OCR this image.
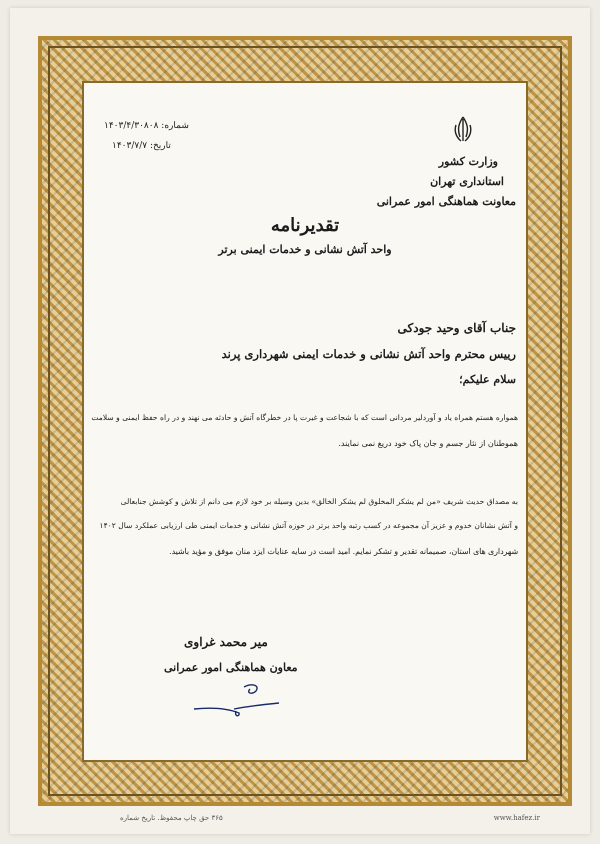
وزارت کشور
استانداری تهران
معاونت هماهنگی امور عمرانی
شماره: ۱۴۰۳/۴/۳۰۸۰۸
تاریخ: ۱۴۰۳/۷/۷
تقدیرنامه
واحد آتش نشانی و خدمات ایمنی برتر
جناب آقای وحید جودکی
رییس محترم واحد آتش نشانی و خدمات ایمنی شهرداری پرند
سلام علیکم؛
همواره هستم همراه یاد و آوردلیر مردانی است که با شجاعت و غیرت پا در خطرگاه آتش و حادثه می نهند و در راه حفظ ایمنی و سلامت
هموطنان از نثار جسم و جان پاک خود دریغ نمی نمایند.
به مصداق حدیث شریف «من لم یشکر المخلوق لم یشکر الخالق» بدین وسیله بر خود لازم می دانم از تلاش و کوشش جنابعالی
و آتش نشانان خدوم و عزیز آن مجموعه در کسب رتبه واحد برتر در حوزه آتش نشانی و خدمات ایمنی طی ارزیابی عملکرد سال ۱۴۰۲
شهرداری های استان، صمیمانه تقدیر و تشکر نمایم. امید است در سایه عنایات ایزد منان موفق و مؤید باشید.
میر محمد غراوی
معاون هماهنگی امور عمرانی
۳۶۵ حق چاپ محفوظ. تاریخ شماره	www.hafez.ir
